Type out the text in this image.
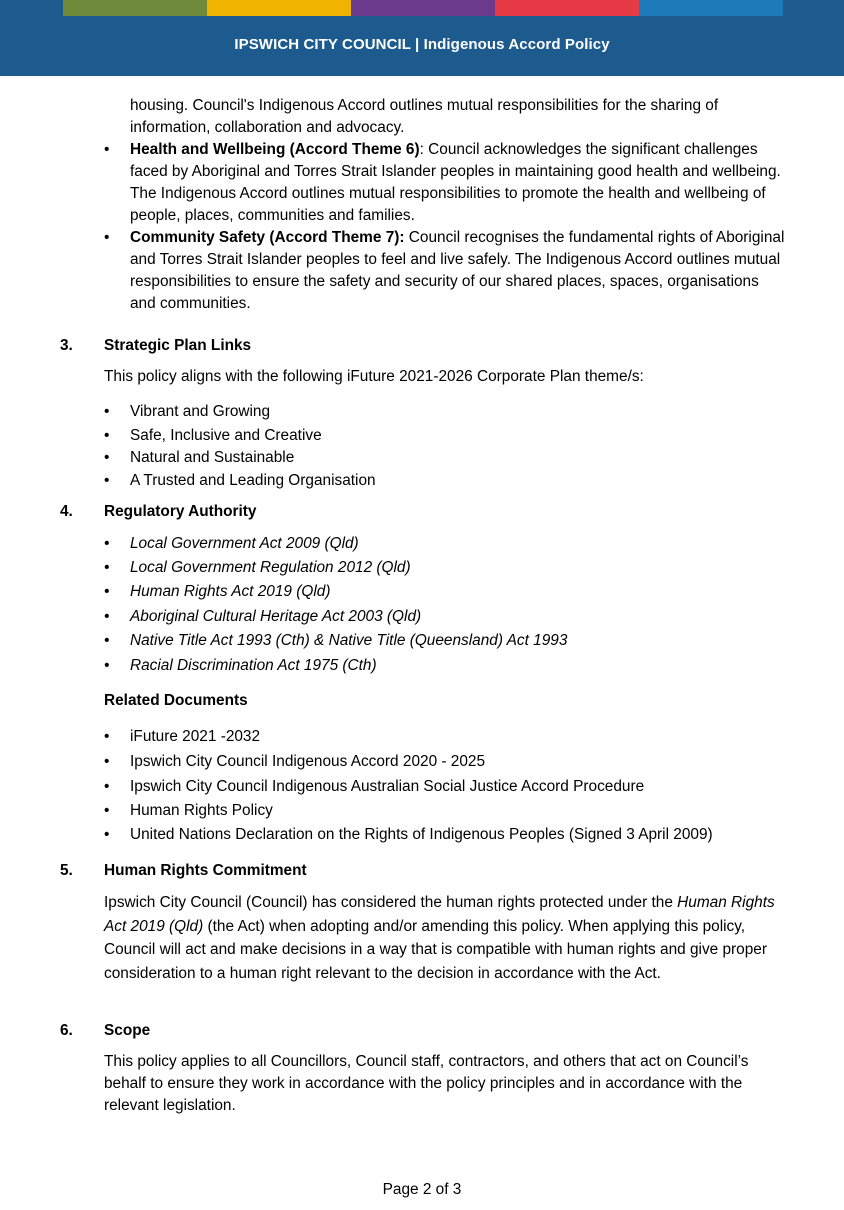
IPSWICH CITY COUNCIL | Indigenous Accord Policy
housing. Council's Indigenous Accord outlines mutual responsibilities for the sharing of information, collaboration and advocacy.
• Health and Wellbeing (Accord Theme 6): Council acknowledges the significant challenges faced by Aboriginal and Torres Strait Islander peoples in maintaining good health and wellbeing. The Indigenous Accord outlines mutual responsibilities to promote the health and wellbeing of people, places, communities and families.
• Community Safety (Accord Theme 7): Council recognises the fundamental rights of Aboriginal and Torres Strait Islander peoples to feel and live safely. The Indigenous Accord outlines mutual responsibilities to ensure the safety and security of our shared places, spaces, organisations and communities.
3. Strategic Plan Links
This policy aligns with the following iFuture 2021-2026 Corporate Plan theme/s:
• Vibrant and Growing
• Safe, Inclusive and Creative
• Natural and Sustainable
• A Trusted and Leading Organisation
4. Regulatory Authority
• Local Government Act 2009 (Qld)
• Local Government Regulation 2012 (Qld)
• Human Rights Act 2019 (Qld)
• Aboriginal Cultural Heritage Act 2003 (Qld)
• Native Title Act 1993 (Cth) & Native Title (Queensland) Act 1993
• Racial Discrimination Act 1975 (Cth)
Related Documents
• iFuture 2021 -2032
• Ipswich City Council Indigenous Accord 2020 - 2025
• Ipswich City Council Indigenous Australian Social Justice Accord Procedure
• Human Rights Policy
• United Nations Declaration on the Rights of Indigenous Peoples (Signed 3 April 2009)
5. Human Rights Commitment
Ipswich City Council (Council) has considered the human rights protected under the Human Rights Act 2019 (Qld) (the Act) when adopting and/or amending this policy. When applying this policy, Council will act and make decisions in a way that is compatible with human rights and give proper consideration to a human right relevant to the decision in accordance with the Act.
6. Scope
This policy applies to all Councillors, Council staff, contractors, and others that act on Council’s behalf to ensure they work in accordance with the policy principles and in accordance with the relevant legislation.
Page 2 of 3
